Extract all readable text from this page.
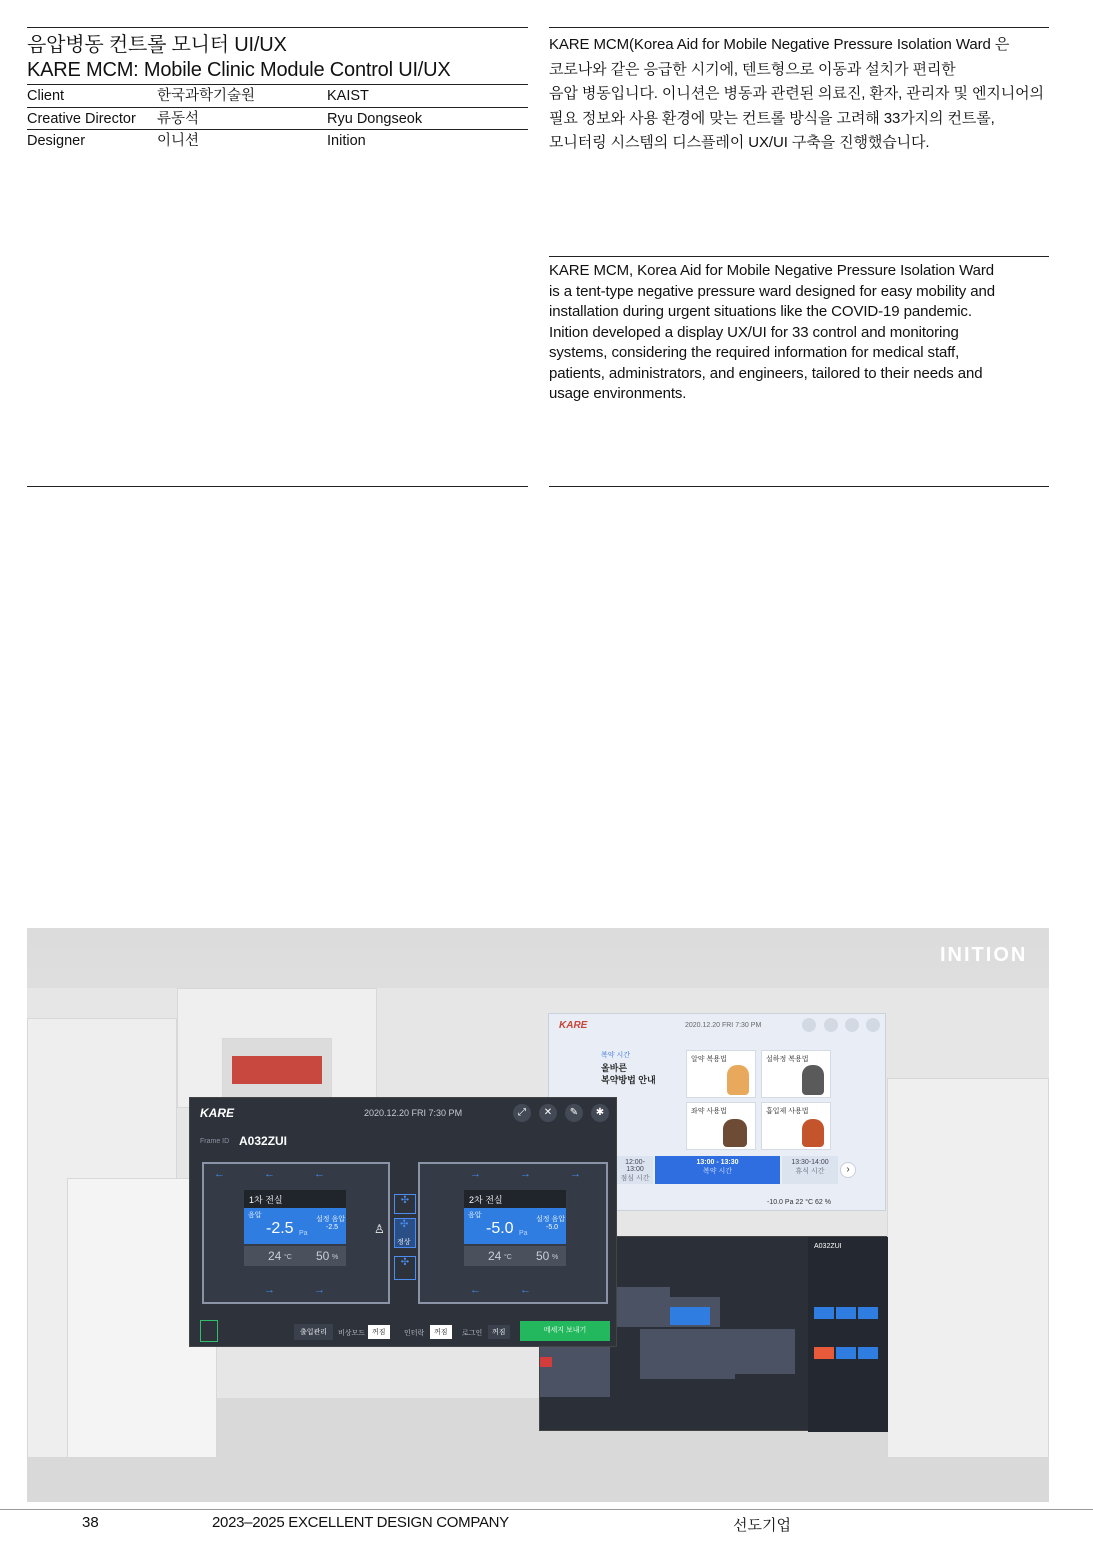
음압병동 컨트롤 모니터 UI/UX
KARE MCM: Mobile Clinic Module Control UI/UX
Client	한국과학기술원	KAIST
Creative Director 류동석	Ryu Dongseok
Designer	이니션	Inition
KARE MCM(Korea Aid for Mobile Negative Pressure Isolation Ward 은
코로나와 같은 응급한 시기에, 텐트형으로 이동과 설치가 편리한
음압 병동입니다. 이니션은 병동과 관련된 의료진, 환자, 관리자 및 엔지니어의
필요 정보와 사용 환경에 맞는 컨트롤 방식을 고려해 33가지의 컨트롤,
모니터링 시스템의 디스플레이 UX/UI 구축을 진행했습니다.
KARE MCM, Korea Aid for Mobile Negative Pressure Isolation Ward
is a tent-type negative pressure ward designed for easy mobility and
installation during urgent situations like the COVID-19 pandemic.
Inition developed a display UX/UI for 33 control and monitoring
systems, considering the required information for medical staff,
patients, administrators, and engineers, tailored to their needs and
usage environments.
INITION
KARE	2020.12.20 FRI 7:30 PM
복약 시간
올바른
복약방법 안내
알약 복용법	설하정 복용법
좌약 사용법	흡입제 사용법
12:00-13:00
점심 시간
13:00 - 13:30
복약 시간
13:30-14:00
휴식 시간	›
-10.0 Pa 22 °C 62 %
A032ZUI
KARE	2020.12.20 FRI 7:30 PM	⤢	✕	✎	✱
Frame ID A032ZUI
←	←	←
→	→
1차 전실
음압
-2.5 Pa
설정 음압
-2.5
24 °C 50 %
✣
✣
정상
✣
♙
→	→	→
←	←
2차 전실
음압
-5.0 Pa
설정 음압
-5.0
24 °C 50 %
출입관리	비상모드 꺼짐	인터락	꺼짐	로그인	꺼짐	메세지 보내기
38	2023–2025 EXCELLENT DESIGN COMPANY	선도기업
